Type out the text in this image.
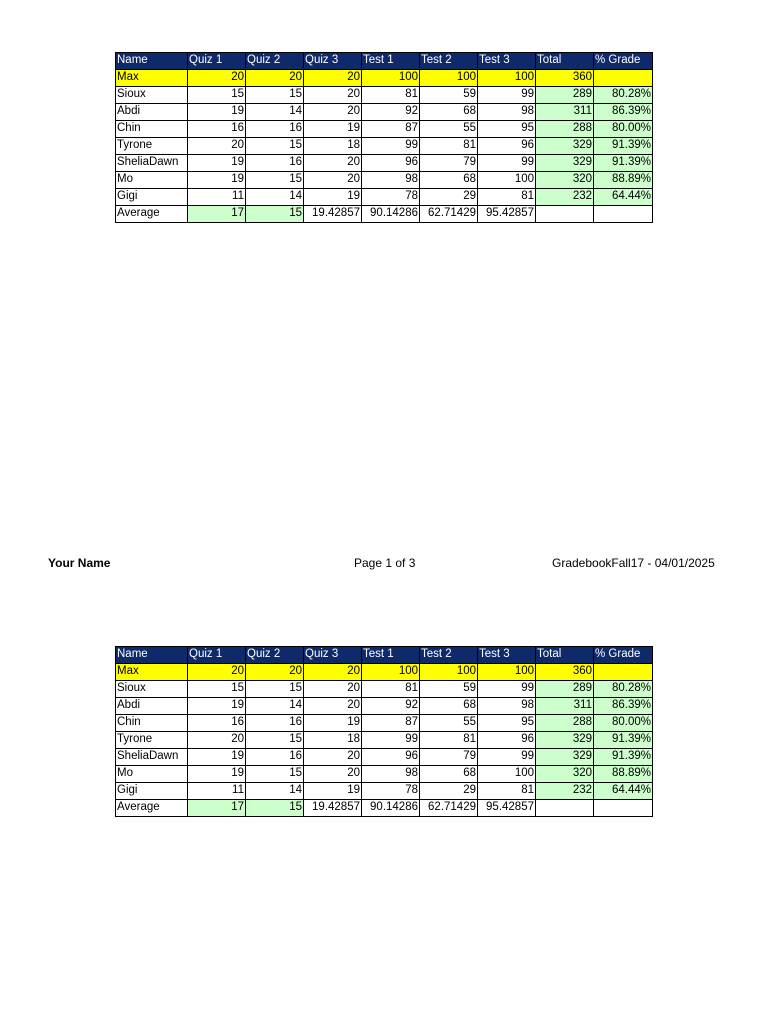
Name	Quiz 1	Quiz 2	Quiz 3	Test 1	Test 2	Test 3	Total	% Grade
Max	20	20	20	100	100	100	360	
Sioux	15	15	20	81	59	99	289	80.28%
Abdi	19	14	20	92	68	98	311	86.39%
Chin	16	16	19	87	55	95	288	80.00%
Tyrone	20	15	18	99	81	96	329	91.39%
SheliaDawn	19	16	20	96	79	99	329	91.39%
Mo	19	15	20	98	68	100	320	88.89%
Gigi	11	14	19	78	29	81	232	64.44%
Average	17	15	19.42857	90.14286	62.71429	95.42857		
Your Name	Page 1 of 3	GradebookFall17 - 04/01/2025
Name	Quiz 1	Quiz 2	Quiz 3	Test 1	Test 2	Test 3	Total	% Grade
Max	20	20	20	100	100	100	360	
Sioux	15	15	20	81	59	99	289	80.28%
Abdi	19	14	20	92	68	98	311	86.39%
Chin	16	16	19	87	55	95	288	80.00%
Tyrone	20	15	18	99	81	96	329	91.39%
SheliaDawn	19	16	20	96	79	99	329	91.39%
Mo	19	15	20	98	68	100	320	88.89%
Gigi	11	14	19	78	29	81	232	64.44%
Average	17	15	19.42857	90.14286	62.71429	95.42857		
